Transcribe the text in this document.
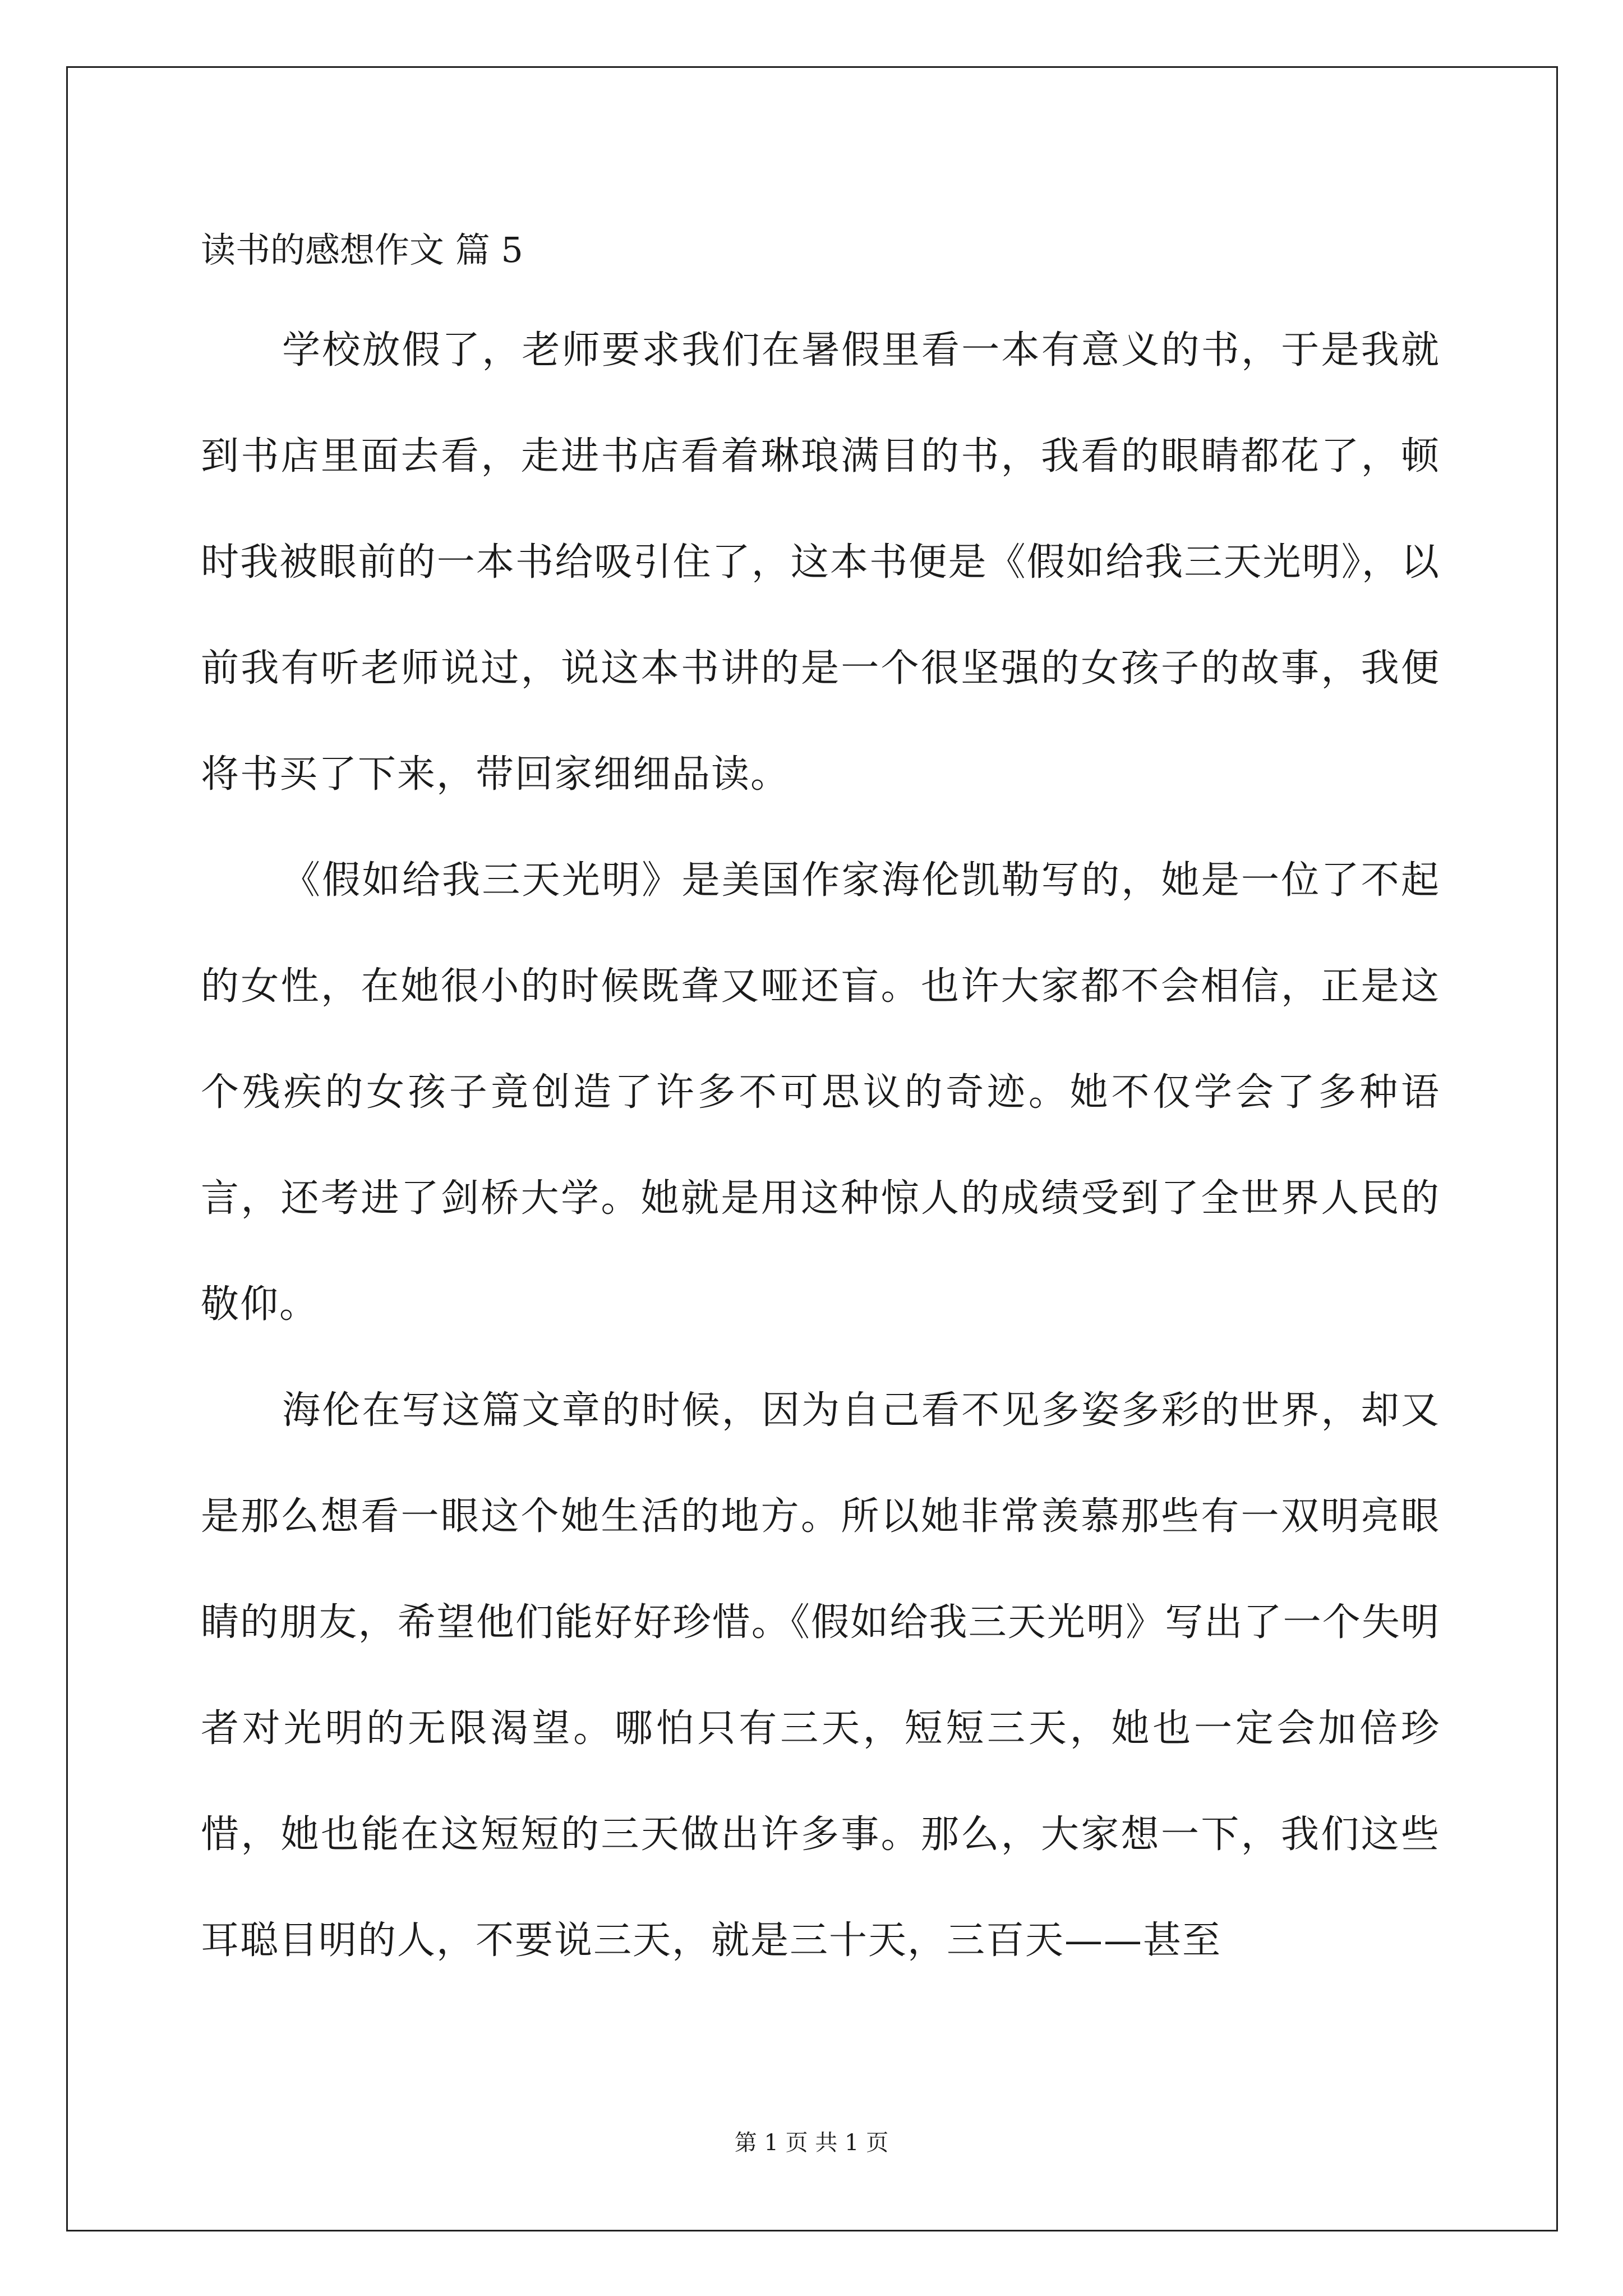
读书的感想作文 篇 5

学校放假了，老师要求我们在暑假里看一本有意义的书，于是我就到书店里面去看，走进书店看着琳琅满目的书，我看的眼睛都花了，顿时我被眼前的一本书给吸引住了，这本书便是《假如给我三天光明》，以前我有听老师说过，说这本书讲的是一个很坚强的女孩子的故事，我便将书买了下来，带回家细细品读。

《假如给我三天光明》是美国作家海伦凯勒写的，她是一位了不起的女性，在她很小的时候既聋又哑还盲。也许大家都不会相信，正是这个残疾的女孩子竟创造了许多不可思议的奇迹。她不仅学会了多种语言，还考进了剑桥大学。她就是用这种惊人的成绩受到了全世界人民的敬仰。

海伦在写这篇文章的时候，因为自己看不见多姿多彩的世界，却又是那么想看一眼这个她生活的地方。所以她非常羡慕那些有一双明亮眼睛的朋友，希望他们能好好珍惜。《假如给我三天光明》写出了一个失明者对光明的无限渴望。哪怕只有三天，短短三天，她也一定会加倍珍惜，她也能在这短短的三天做出许多事。那么，大家想一下，我们这些耳聪目明的人，不要说三天，就是三十天，三百天——甚至

第 1 页 共 1 页
